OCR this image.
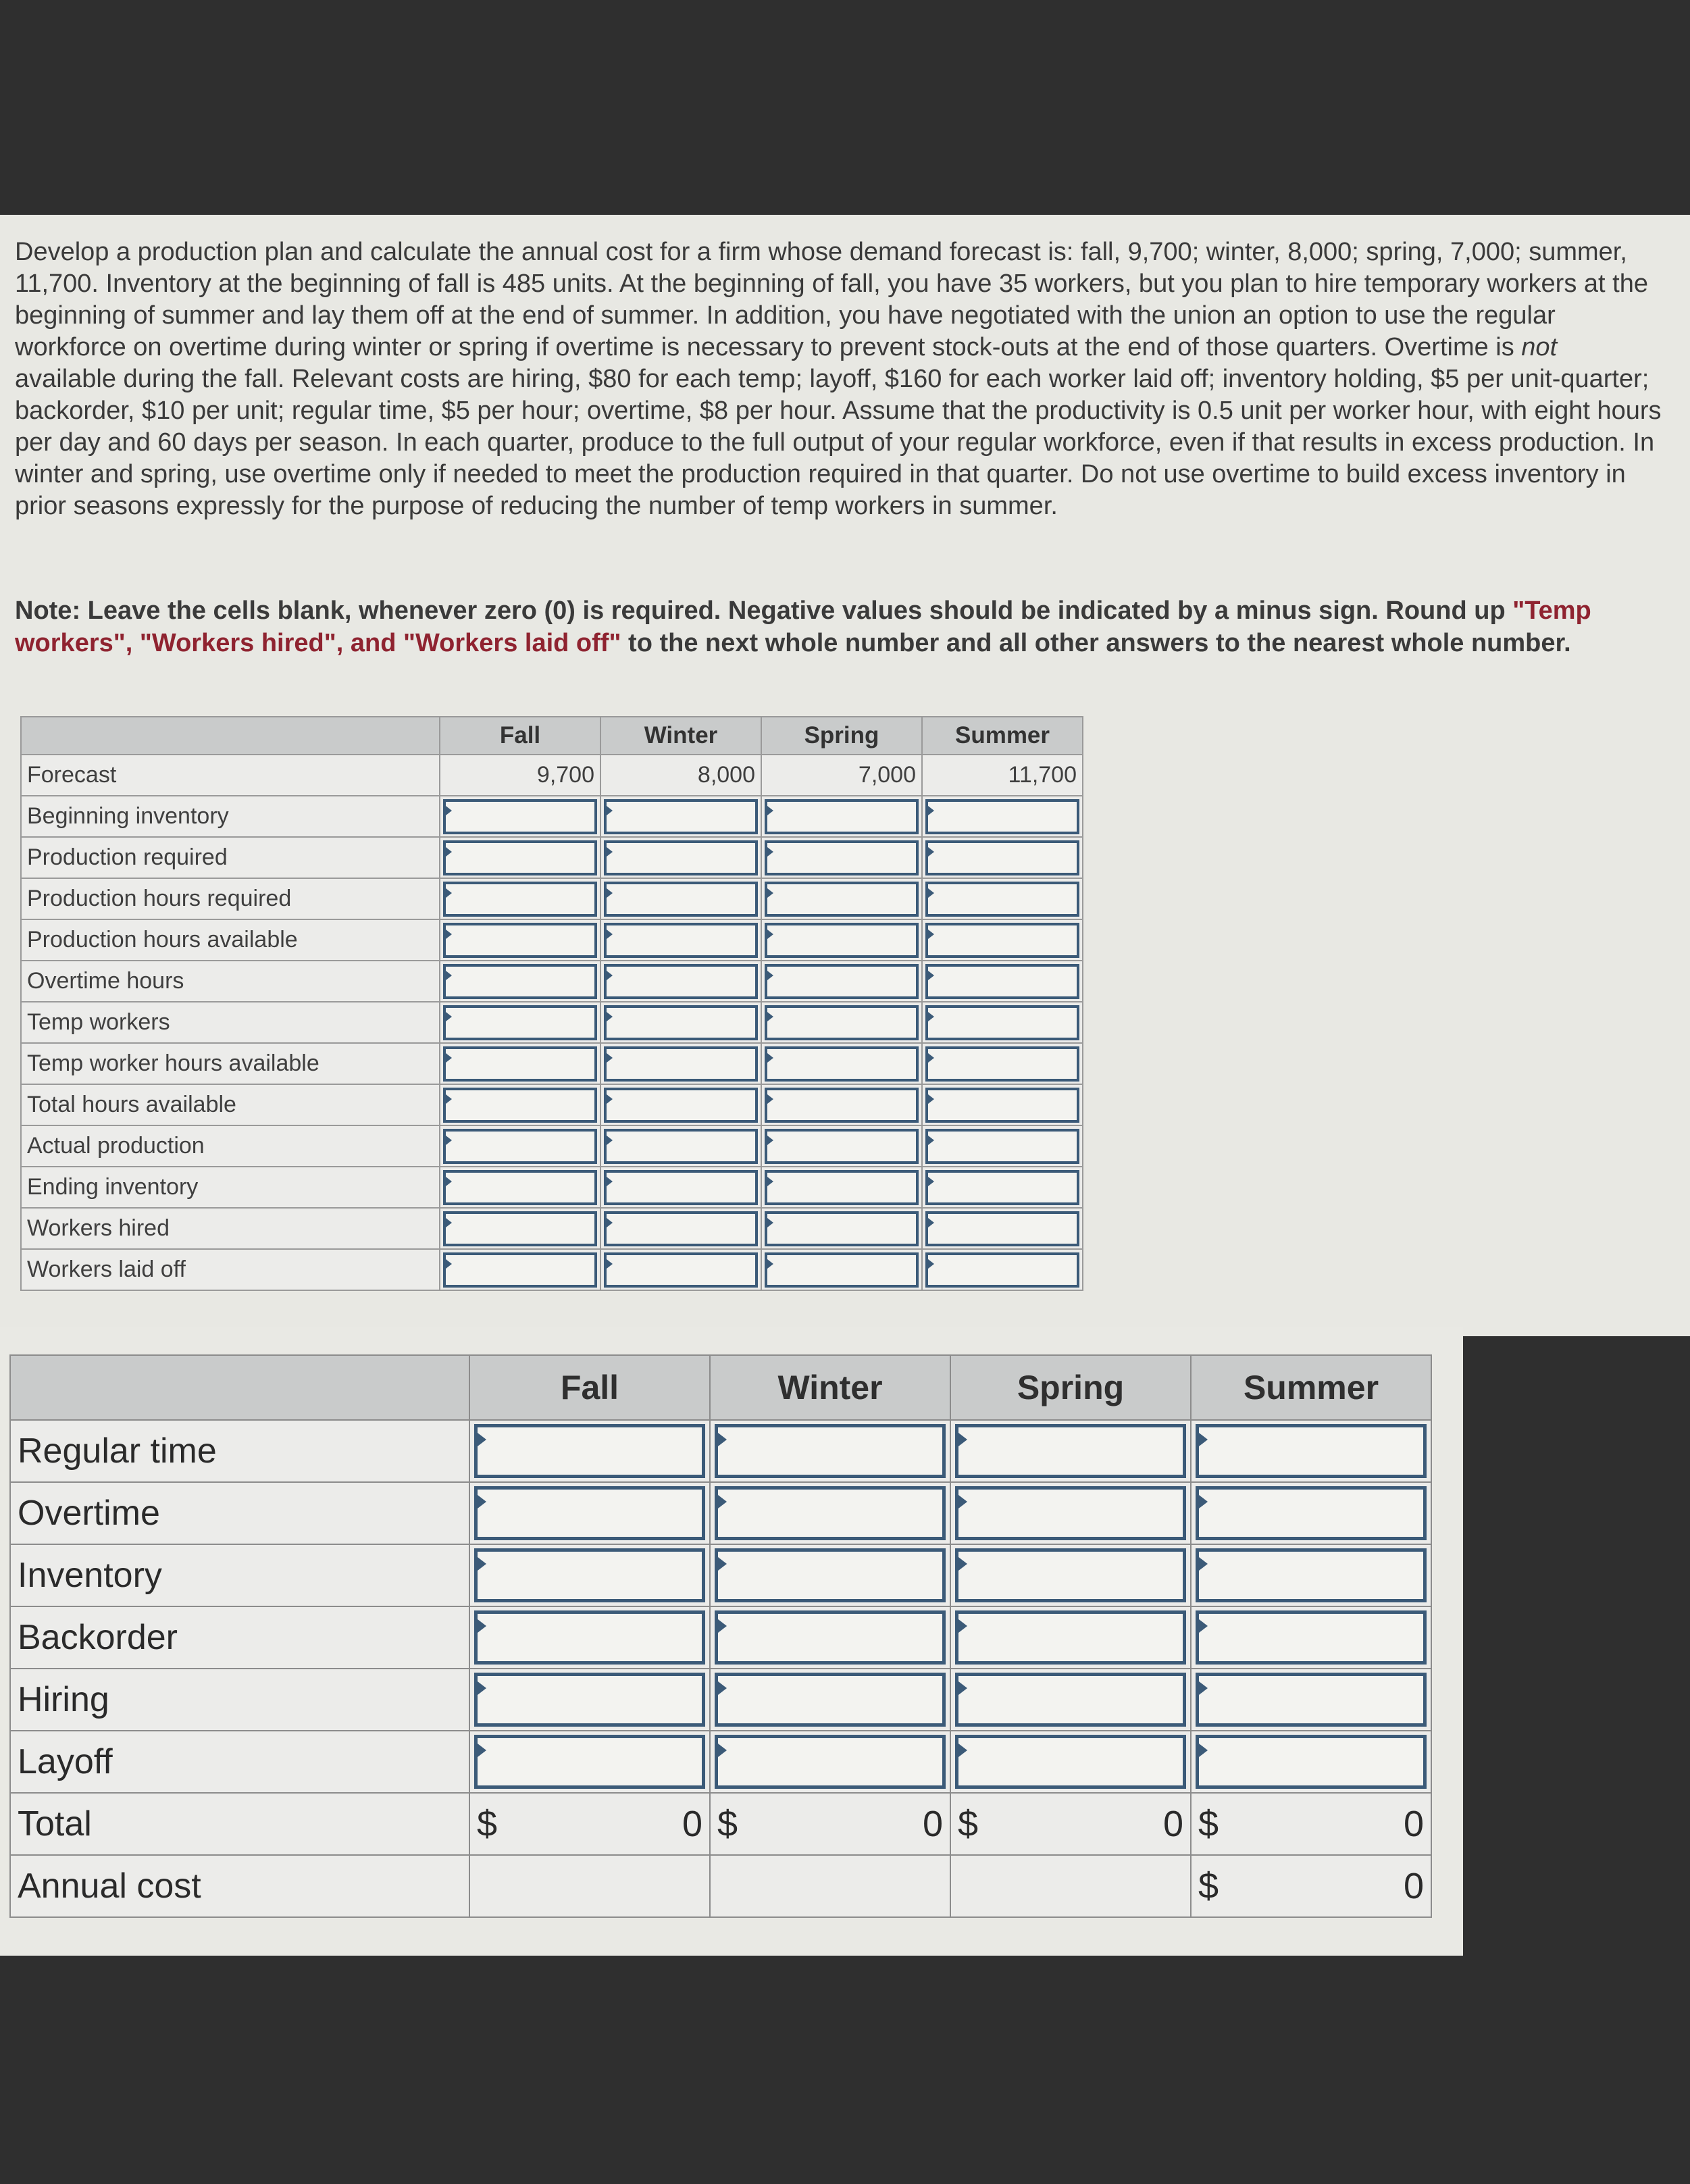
Develop a production plan and calculate the annual cost for a firm whose demand forecast is: fall, 9,700; winter, 8,000; spring, 7,000; summer, 11,700. Inventory at the beginning of fall is 485 units. At the beginning of fall, you have 35 workers, but you plan to hire temporary workers at the beginning of summer and lay them off at the end of summer. In addition, you have negotiated with the union an option to use the regular workforce on overtime during winter or spring if overtime is necessary to prevent stock-outs at the end of those quarters. Overtime is not available during the fall. Relevant costs are hiring, $80 for each temp; layoff, $160 for each worker laid off; inventory holding, $5 per unit-quarter; backorder, $10 per unit; regular time, $5 per hour; overtime, $8 per hour. Assume that the productivity is 0.5 unit per worker hour, with eight hours per day and 60 days per season. In each quarter, produce to the full output of your regular workforce, even if that results in excess production. In winter and spring, use overtime only if needed to meet the production required in that quarter. Do not use overtime to build excess inventory in prior seasons expressly for the purpose of reducing the number of temp workers in summer.

Note: Leave the cells blank, whenever zero (0) is required. Negative values should be indicated by a minus sign. Round up "Temp workers", "Workers hired", and "Workers laid off" to the next whole number and all other answers to the nearest whole number.

	Fall	Winter	Spring	Summer
Forecast	9,700	8,000	7,000	11,700
Beginning inventory	

Production required	

Production hours required	

Production hours available	

Overtime hours	

Temp workers	

Temp worker hours available	

Total hours available	

Actual production	

Ending inventory	

Workers hired	

Workers laid off	

	Fall	Winter	Spring	Summer
Regular time	

Overtime	

Inventory	

Backorder	

Hiring	

Layoff	

Total	$ 0	$ 0	$ 0	$ 0

Annual cost				$ 0
